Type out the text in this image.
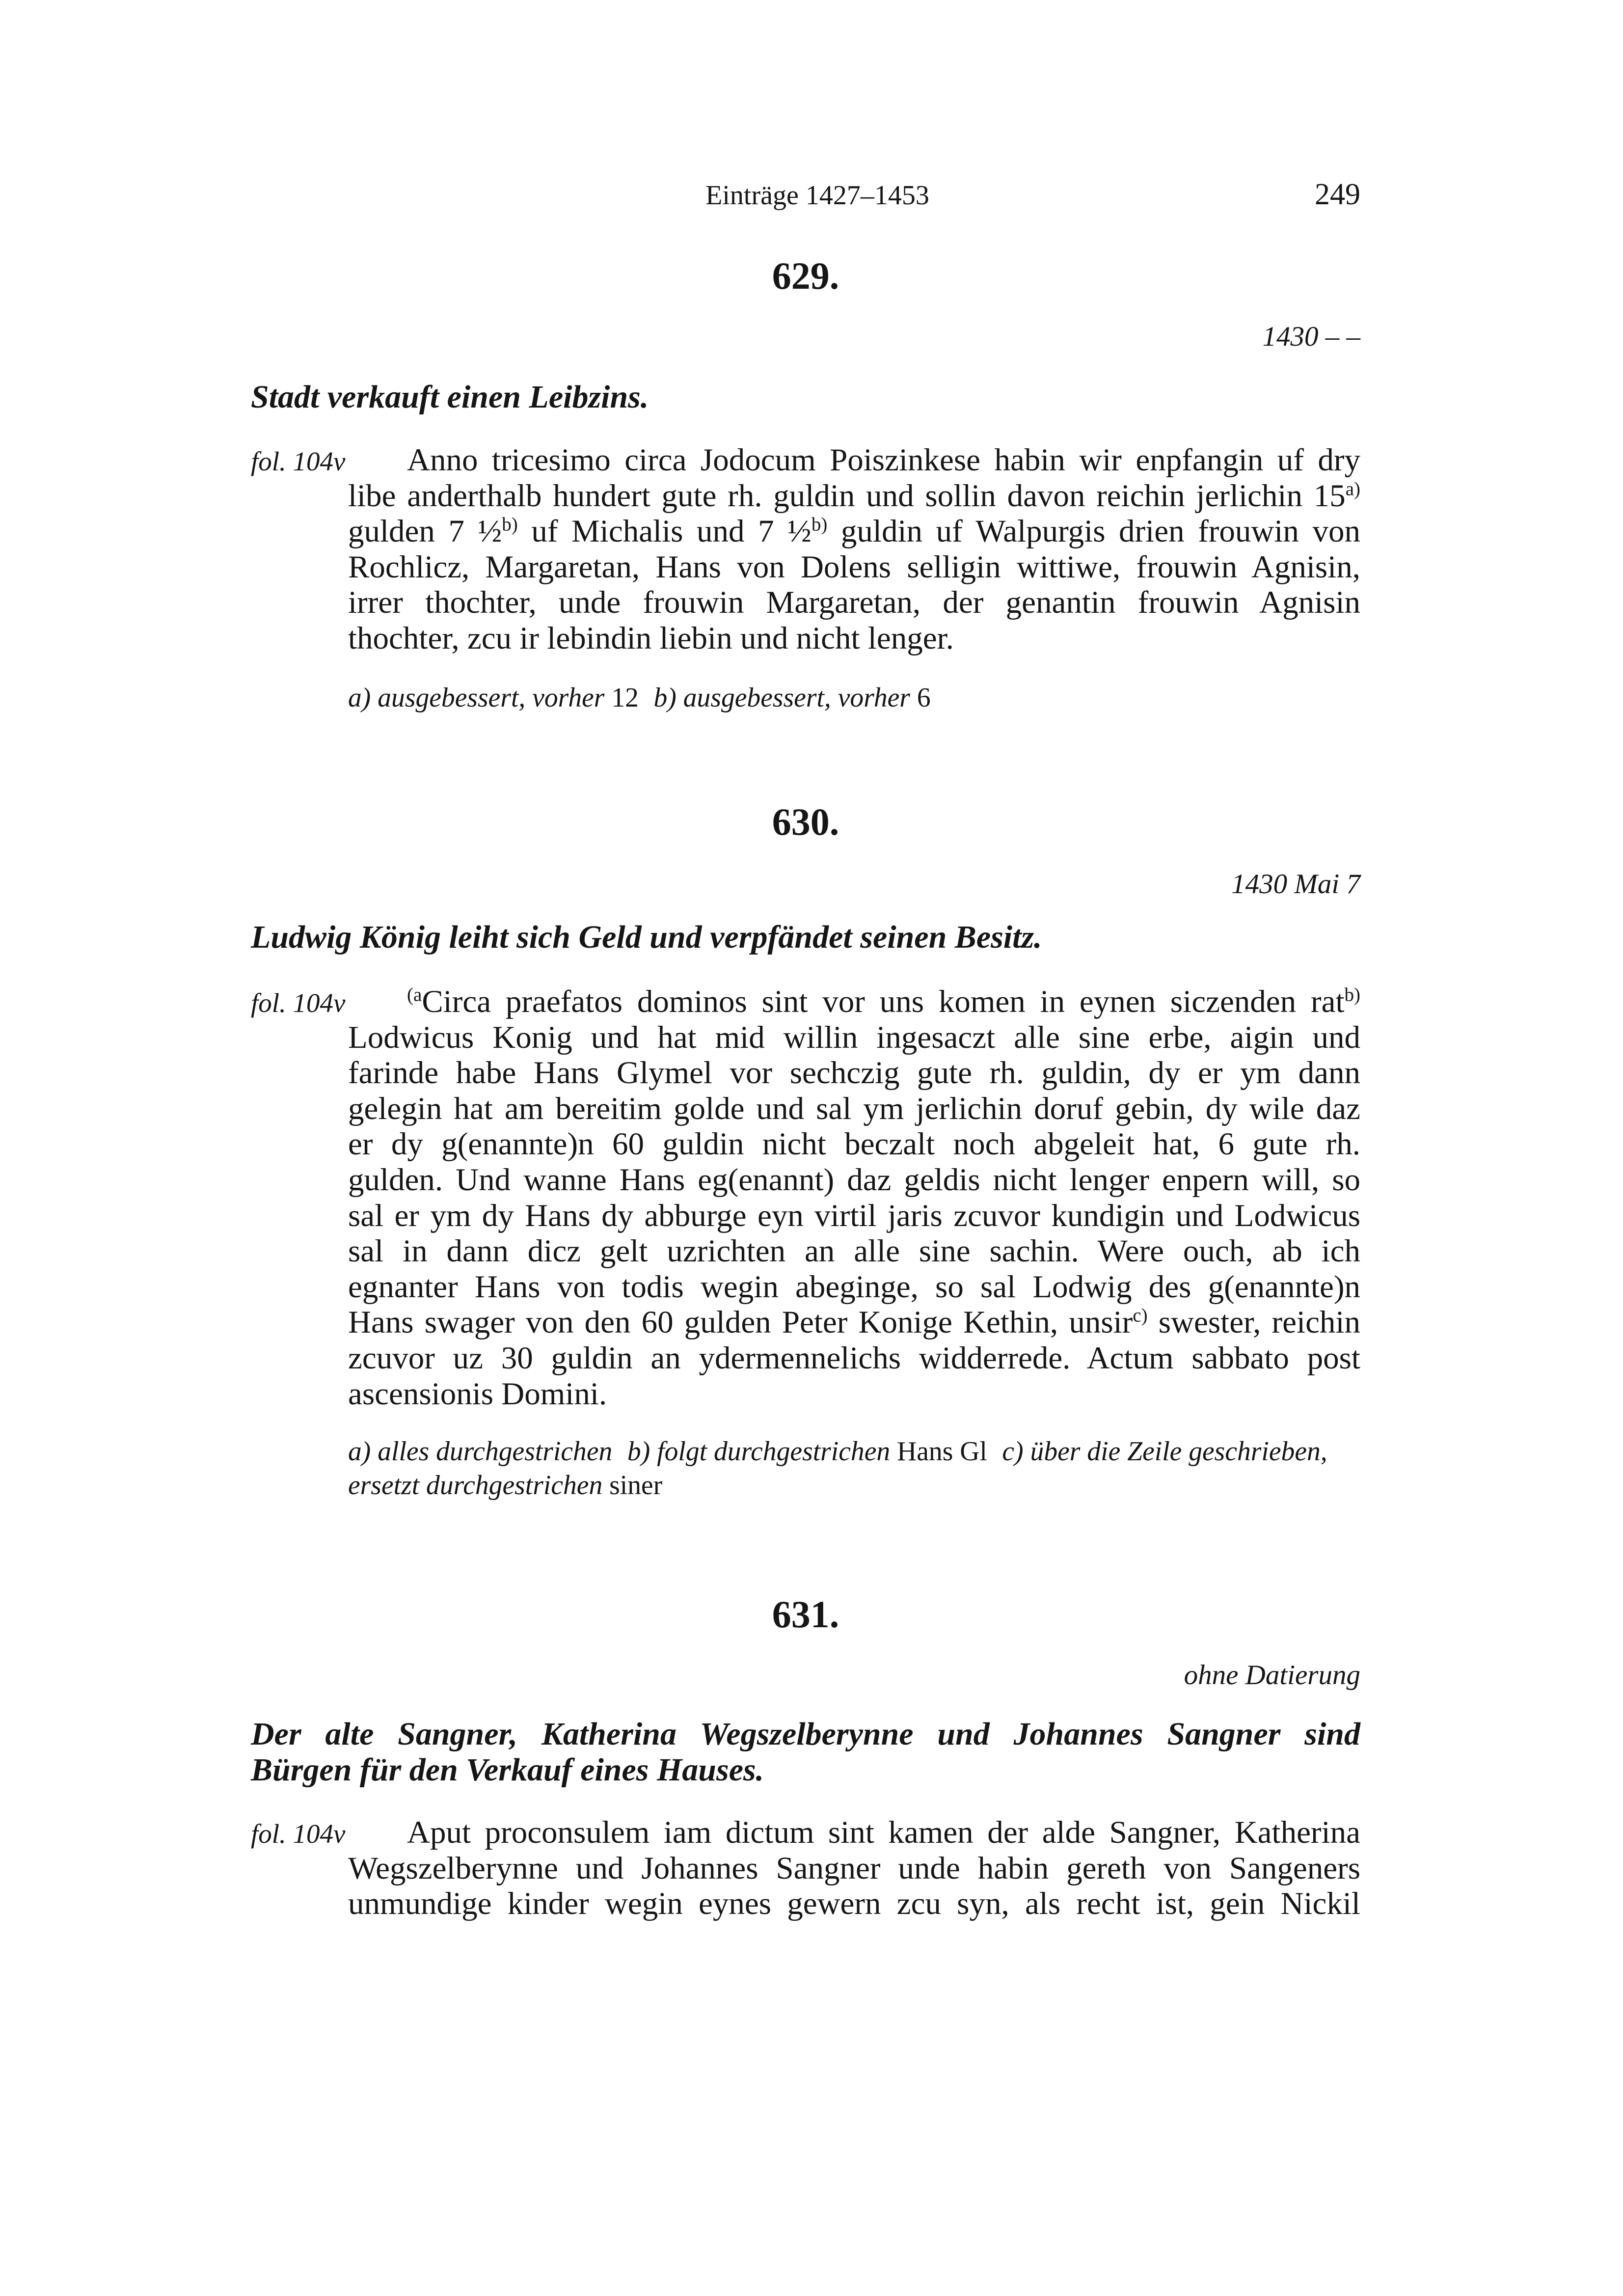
Einträge 1427–1453	249
629.
1430 – –
Stadt verkauft einen Leibzins.
fol. 104v	Anno tricesimo circa Jodocum Poiszinkese habin wir enpfangin uf dry
libe anderthalb hundert gute rh. guldin und sollin davon reichin jerlichin 15$^{a)}$
gulden 7 ½$^{b)}$ uf Michalis und 7 ½$^{b)}$ guldin uf Walpurgis drien frouwin von
Rochlicz, Margaretan, Hans von Dolens selligin wittiwe, frouwin Agnisin,
irrer thochter, unde frouwin Margaretan, der genantin frouwin Agnisin
thochter, zcu ir lebindin liebin und nicht lenger.
a) ausgebessert, vorher 12 b) ausgebessert, vorher 6
630.
1430 Mai 7
Ludwig König leiht sich Geld und verpfändet seinen Besitz.
fol. 104v	$^{(a}$Circa praefatos dominos sint vor uns komen in eynen siczenden rat$^{b)}$
Lodwicus Konig und hat mid willin ingesaczt alle sine erbe, aigin und
farinde habe Hans Glymel vor sechczig gute rh. guldin, dy er ym dann
gelegin hat am bereitim golde und sal ym jerlichin doruf gebin, dy wile daz
er dy g(enannte)n 60 guldin nicht beczalt noch abgeleit hat, 6 gute rh.
gulden. Und wanne Hans eg(enannt) daz geldis nicht lenger enpern will, so
sal er ym dy Hans dy abburge eyn virtil jaris zcuvor kundigin und Lodwicus
sal in dann dicz gelt uzrichten an alle sine sachin. Were ouch, ab ich
egnanter Hans von todis wegin abeginge, so sal Lodwig des g(enannte)n
Hans swager von den 60 gulden Peter Konige Kethin, unsir$^{c)}$ swester, reichin
zcuvor uz 30 guldin an ydermennelichs widderrede. Actum sabbato post
ascensionis Domini.
a) alles durchgestrichen b) folgt durchgestrichen Hans Gl c) über die Zeile geschrieben, ersetzt durchgestrichen siner
631.
ohne Datierung
Der alte Sangner, Katherina Wegszelberynne und Johannes Sangner sind
Bürgen für den Verkauf eines Hauses.
fol. 104v	Aput proconsulem iam dictum sint kamen der alde Sangner, Katherina
Wegszelberynne und Johannes Sangner unde habin gereth von Sangeners
unmundige kinder wegin eynes gewern zcu syn, als recht ist, gein Nickil
